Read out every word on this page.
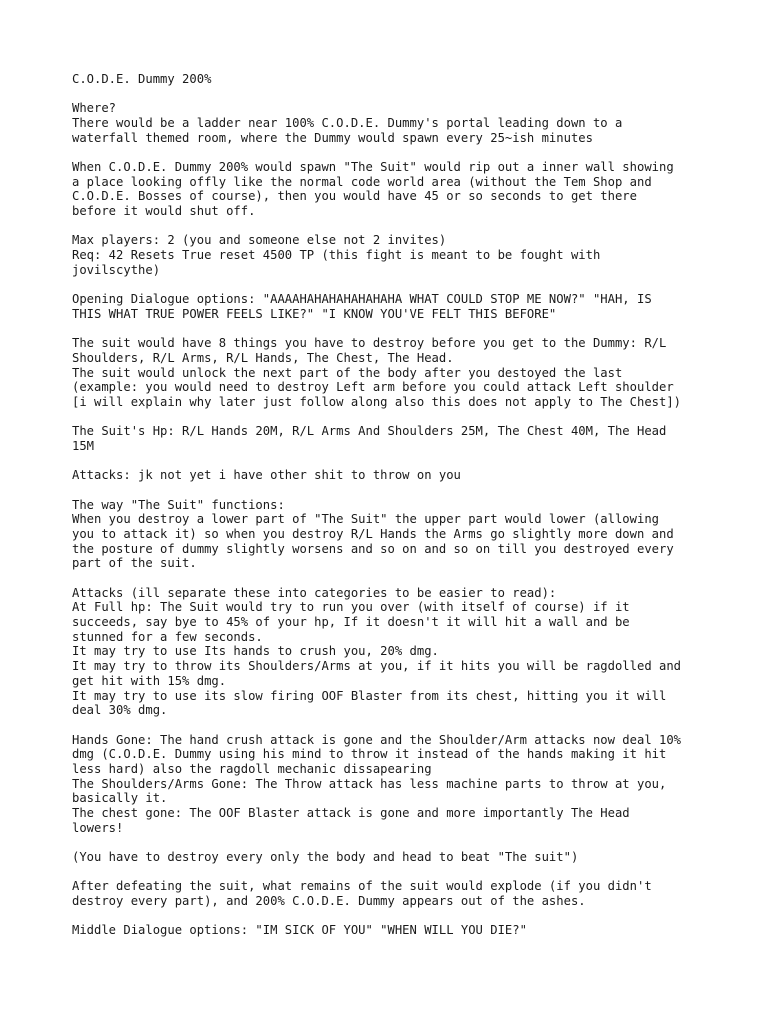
C.O.D.E. Dummy 200%
Where?
There would be a ladder near 100% C.O.D.E. Dummy's portal leading down to a
waterfall themed room, where the Dummy would spawn every 25~ish minutes
When C.O.D.E. Dummy 200% would spawn "The Suit" would rip out a inner wall showing
a place looking offly like the normal code world area (without the Tem Shop and
C.O.D.E. Bosses of course), then you would have 45 or so seconds to get there
before it would shut off.
Max players: 2 (you and someone else not 2 invites)
Req: 42 Resets True reset 4500 TP (this fight is meant to be fought with
jovilscythe)
Opening Dialogue options: "AAAAHAHAHAHAHAHAHA WHAT COULD STOP ME NOW?" "HAH, IS
THIS WHAT TRUE POWER FEELS LIKE?" "I KNOW YOU'VE FELT THIS BEFORE"
The suit would have 8 things you have to destroy before you get to the Dummy: R/L
Shoulders, R/L Arms, R/L Hands, The Chest, The Head.
The suit would unlock the next part of the body after you destoyed the last
(example: you would need to destroy Left arm before you could attack Left shoulder
[i will explain why later just follow along also this does not apply to The Chest])
The Suit's Hp: R/L Hands 20M, R/L Arms And Shoulders 25M, The Chest 40M, The Head
15M
Attacks: jk not yet i have other shit to throw on you
The way "The Suit" functions:
When you destroy a lower part of "The Suit" the upper part would lower (allowing
you to attack it) so when you destroy R/L Hands the Arms go slightly more down and
the posture of dummy slightly worsens and so on and so on till you destroyed every
part of the suit.
Attacks (ill separate these into categories to be easier to read):
At Full hp: The Suit would try to run you over (with itself of course) if it
succeeds, say bye to 45% of your hp, If it doesn't it will hit a wall and be
stunned for a few seconds.
It may try to use Its hands to crush you, 20% dmg.
It may try to throw its Shoulders/Arms at you, if it hits you will be ragdolled and
get hit with 15% dmg.
It may try to use its slow firing OOF Blaster from its chest, hitting you it will
deal 30% dmg.
Hands Gone: The hand crush attack is gone and the Shoulder/Arm attacks now deal 10%
dmg (C.O.D.E. Dummy using his mind to throw it instead of the hands making it hit
less hard) also the ragdoll mechanic dissapearing
The Shoulders/Arms Gone: The Throw attack has less machine parts to throw at you,
basically it.
The chest gone: The OOF Blaster attack is gone and more importantly The Head
lowers!
(You have to destroy every only the body and head to beat "The suit")
After defeating the suit, what remains of the suit would explode (if you didn't
destroy every part), and 200% C.O.D.E. Dummy appears out of the ashes.
Middle Dialogue options: "IM SICK OF YOU" "WHEN WILL YOU DIE?"
